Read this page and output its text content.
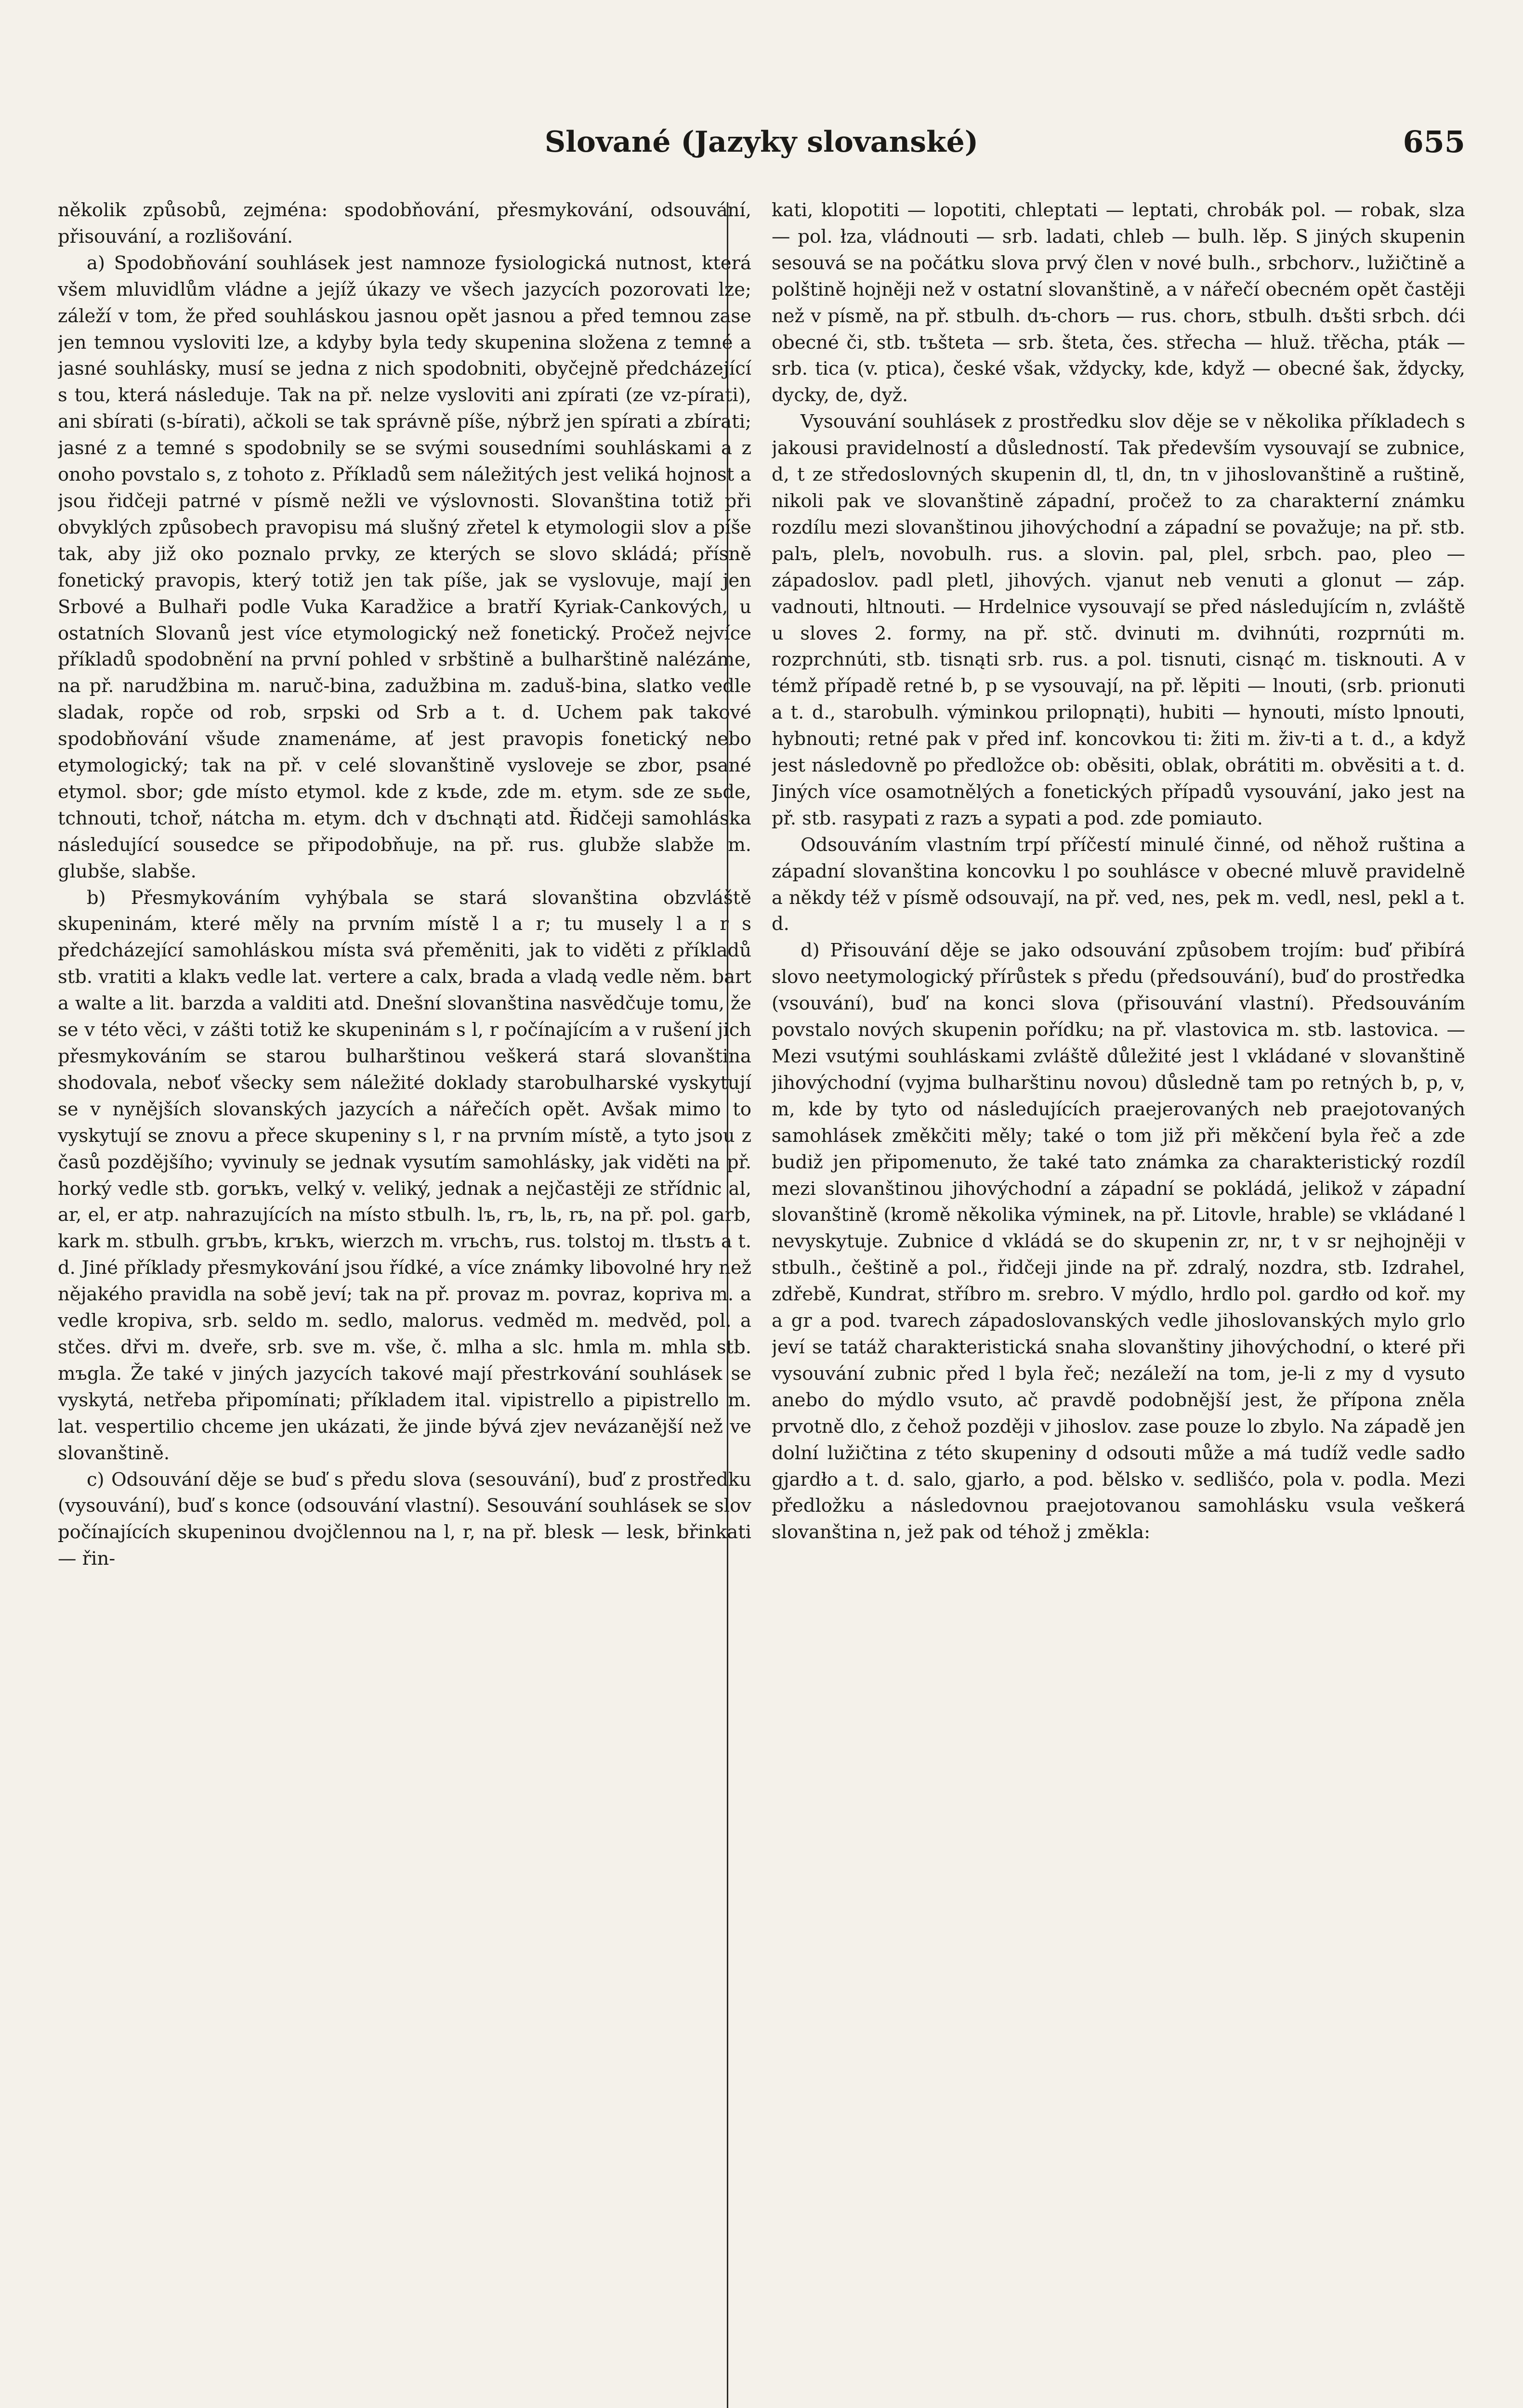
Slované (Jazyky slovanské)	655

několik způsobů, zejména: spodobňování, přesmykování, odsouvání, přisouvání, a rozlišování.

a) Spodobňování souhlásek jest namnoze fysiologická nutnost, která všem mluvidlům vládne a jejíž úkazy ve všech jazycích pozorovati lze; záleží v tom, že před souhláskou jasnou opět jasnou a před temnou zase jen temnou vysloviti lze, a kdyby byla tedy skupenina složena z temné a jasné souhlásky, musí se jedna z nich spodobniti, obyčejně předcházející s tou, která následuje. Tak na př. nelze vysloviti ani zpírati (ze vz-pírati), ani sbírati (s-bírati), ačkoli se tak správně píše, nýbrž jen spírati a zbírati; jasné z a temné s spodobnily se se svými sousedními souhláskami a z onoho povstalo s, z tohoto z. Příkladů sem náležitých jest veliká hojnost a jsou řidčeji patrné v písmě nežli ve výslovnosti. Slovanština totiž při obvyklých způsobech pravopisu má slušný zřetel k etymologii slov a píše tak, aby již oko poznalo prvky, ze kterých se slovo skládá; přísně fonetický pravopis, který totiž jen tak píše, jak se vyslovuje, mají jen Srbové a Bulhaři podle Vuka Karadžice a bratří Kyriak-Cankových, u ostatních Slovanů jest více etymologický než fonetický. Pročež nejvíce příkladů spodobnění na první pohled v srbštině a bulharštině nalézáme, na př. narudžbina m. naruč-bina, zadužbina m. zaduš-bina, slatko vedle sladak, ropče od rob, srpski od Srb a t. d. Uchem pak takové spodobňování všude znamenáme, ať jest pravopis fonetický nebo etymologický; tak na př. v celé slovanštině vysloveje se zbor, psané etymol. sbor; gde místo etymol. kde z kъde, zde m. etym. sde ze sьde, tchnouti, tchoř, nátcha m. etym. dch v dъchnąti atd. Řidčeji samohláska následující sousedce se připodobňuje, na př. rus. glubže slabže m. glubše, slabše.

b) Přesmykováním vyhýbala se stará slovanština obzvláště skupeninám, které měly na prvním místě l a r; tu musely l a r s předcházející samohláskou místa svá přeměniti, jak to viděti z příkladů stb. vratiti a klakъ vedle lat. vertere a calx, brada a vladą vedle něm. bart a walte a lit. barzda a valditi atd. Dnešní slovanština nasvědčuje tomu, že se v této věci, v zášti totiž ke skupeninám s l, r počínajícím a v rušení jich přesmykováním se starou bulharštinou veškerá stará slovanština shodovala, neboť všecky sem náležité doklady starobulharské vyskytují se v nynějších slovanských jazycích a nářečích opět. Avšak mimo to vyskytují se znovu a přece skupeniny s l, r na prvním místě, a tyto jsou z časů pozdějšího; vyvinuly se jednak vysutím samohlásky, jak viděti na př. horký vedle stb. gorъkъ, velký v. veliký, jednak a nejčastěji ze střídnic al, ar, el, er atp. nahrazujících na místo stbulh. lъ, rъ, lь, rь, na př. pol. garb, kark m. stbulh. grъbъ, krъkъ, wierzch m. vrьchъ, rus. tolstoj m. tlъstъ a t. d. Jiné příklady přesmykování jsou řídké, a více známky libovolné hry než nějakého pravidla na sobě jeví; tak na př. provaz m. povraz, kopriva m. a vedle kropiva, srb. seldo m. sedlo, malorus. vedměd m. medvěd, pol. a stčes. dřvi m. dveře, srb. sve m. vše, č. mlha a slc. hmla m. mhla stb. mъgla. Že také v jiných jazycích takové mají přestrkování souhlásek se vyskytá, netřeba připomínati; příkladem ital. vipistrello a pipistrello m. lat. vespertilio chceme jen ukázati, že jinde bývá zjev nevázanější než ve slovanštině.

c) Odsouvání děje se buď s předu slova (sesouvání), buď z prostředku (vysouvání), buď s konce (odsouvání vlastní). Sesouvání souhlásek se slov počínajících skupeninou dvojčlennou na l, r, na př. blesk — lesk, břinkati — řin-

kati, klopotiti — lopotiti, chleptati — leptati, chrobák pol. — robak, slza — pol. łza, vládnouti — srb. ladati, chleb — bulh. lěp. S jiných skupenin sesouvá se na počátku slova prvý člen v nové bulh., srbchorv., lužičtině a polštině hojněji než v ostatní slovanštině, a v nářečí obecném opět častěji než v písmě, na př. stbulh. dъ-chorь — rus. chorь, stbulh. dъšti srbch. dći obecné či, stb. tъšteta — srb. šteta, čes. střecha — hluž. třěcha, pták — srb. tica (v. ptica), české však, vždycky, kde, když — obecné šak, ždycky, dycky, de, dyž.

Vysouvání souhlásek z prostředku slov děje se v několika příkladech s jakousi pravidelností a důsledností. Tak především vysouvají se zubnice, d, t ze středoslovných skupenin dl, tl, dn, tn v jihoslovanštině a ruštině, nikoli pak ve slovanštině západní, pročež to za charakterní známku rozdílu mezi slovanštinou jihovýchodní a západní se považuje; na př. stb. palъ, plelъ, novobulh. rus. a slovin. pal, plel, srbch. pao, pleo — západoslov. padl pletl, jihových. vjanut neb venuti a glonut — záp. vadnouti, hltnouti. — Hrdelnice vysouvají se před následujícím n, zvláště u sloves 2. formy, na př. stč. dvinuti m. dvihnúti, rozprnúti m. rozprchnúti, stb. tisnąti srb. rus. a pol. tisnuti, cisnąć m. tisknouti. A v témž případě retné b, p se vysouvají, na př. lěpiti — lnouti, (srb. prionuti a t. d., starobulh. výminkou prilopnąti), hubiti — hynouti, místo lpnouti, hybnouti; retné pak v před inf. koncovkou ti: žiti m. živ-ti a t. d., a když jest následovně po předložce ob: oběsiti, oblak, obrátiti m. obvěsiti a t. d. Jiných více osamotnělých a fonetických případů vysouvání, jako jest na př. stb. rasypati z razъ a sypati a pod. zde pomiauto.

Odsouváním vlastním trpí příčestí minulé činné, od něhož ruština a západní slovanština koncovku l po souhlásce v obecné mluvě pravidelně a někdy též v písmě odsouvají, na př. ved, nes, pek m. vedl, nesl, pekl a t. d.

d) Přisouvání děje se jako odsouvání způsobem trojím: buď přibírá slovo neetymologický přírůstek s předu (předsouvání), buď do prostředka (vsouvání), buď na konci slova (přisouvání vlastní). Předsouváním povstalo nových skupenin pořídku; na př. vlastovica m. stb. lastovica. — Mezi vsutými souhláskami zvláště důležité jest l vkládané v slovanštině jihovýchodní (vyjma bulharštinu novou) důsledně tam po retných b, p, v, m, kde by tytо od následujících praejerovaných neb praejotovaných samohlásek změkčiti měly; také o tom již při měkčení byla řeč a zde budiž jen připomenuto, že také tato známka za charakteristický rozdíl mezi slovanštinou jihovýchodní a západní se pokládá, jelikož v západní slovanštině (kromě několika výminek, na př. Litovle, hrable) se vkládané l nevyskytuje. Zubnice d vkládá se do skupenin zr, nr, t v sr nejhojněji v stbulh., češtině a pol., řidčeji jinde na př. zdralý, nozdra, stb. Izdrahel, zdřebě, Kundrat, stříbro m. srebro. V mýdlo, hrdlo pol. gardło od koř. my a gr a pod. tvarech západoslovanských vedle jihoslovanských mylo grlo jeví se tatáž charakteristická snaha slovanštiny jihovýchodní, o které při vysouvání zubnic před l byla řeč; nezáleží na tom, je-li z my d vysuto anebo do mýdlo vsuto, ač pravdě podobnější jest, že přípona zněla prvotně dlo, z čehož později v jihoslov. zase pouze lo zbylo. Na západě jen dolní lužičtina z této skupeniny d odsouti může a má tudíž vedle sadło gjardło a t. d. salo, gjarło, a pod. bělsko v. sedlišćo, pola v. podla. Mezi předložku a následovnou praejotovanou samohlásku vsula veškerá slovanština n, jež pak od téhož j změkla:
